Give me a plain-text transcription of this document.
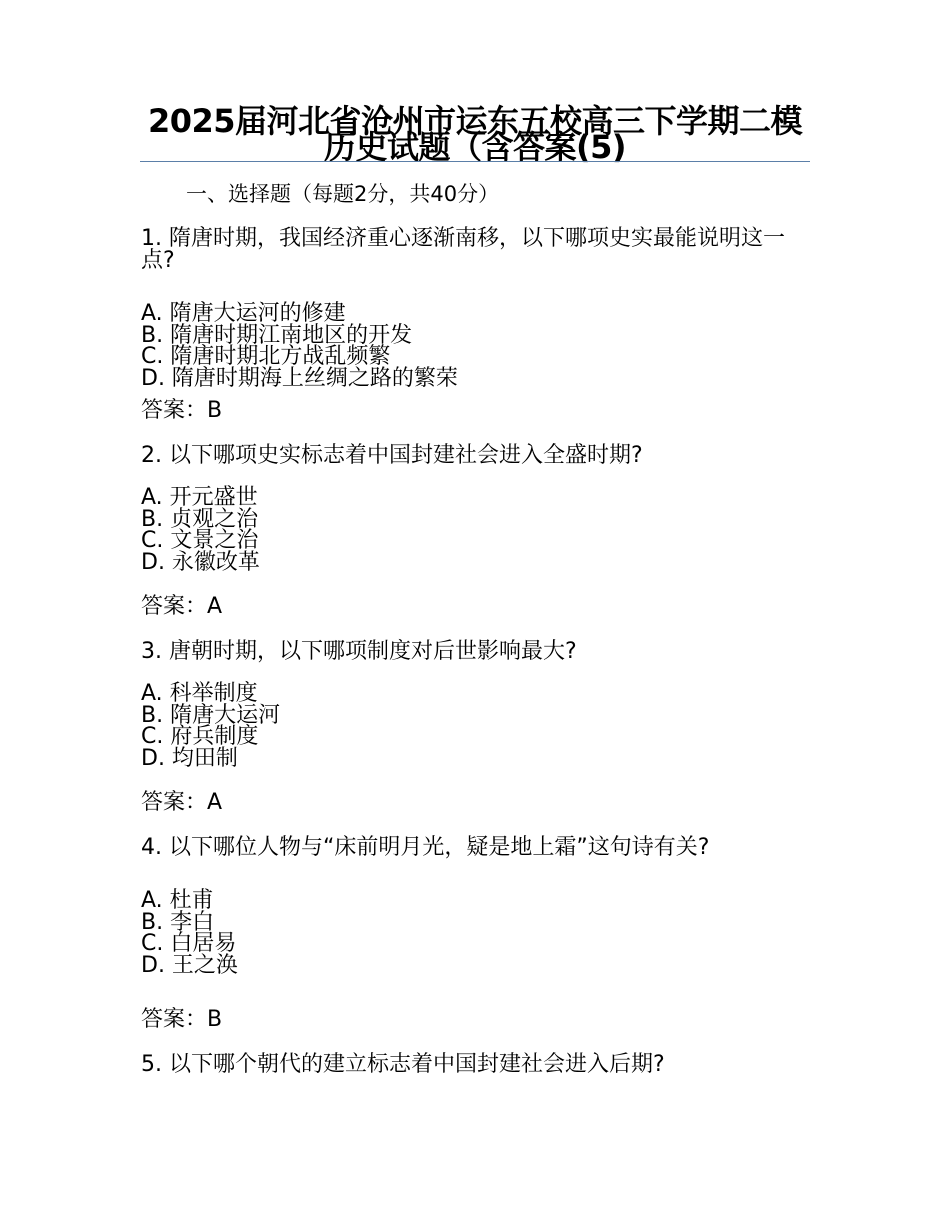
2025届河北省沧州市运东五校高三下学期二模历史试题（含答案(5)
一、选择题（每题2分，共40分）

1. 隋唐时期，我国经济重心逐渐南移，以下哪项史实最能说明这一点?

A. 隋唐大运河的修建

B. 隋唐时期江南地区的开发

C. 隋唐时期北方战乱频繁

D. 隋唐时期海上丝绸之路的繁荣

答案：B

2. 以下哪项史实标志着中国封建社会进入全盛时期?

A. 开元盛世

B. 贞观之治

C. 文景之治

D. 永徽改革

答案：A

3. 唐朝时期，以下哪项制度对后世影响最大?

A. 科举制度

B. 隋唐大运河

C. 府兵制度

D. 均田制

答案：A

4. 以下哪位人物与“床前明月光，疑是地上霜”这句诗有关?

A. 杜甫

B. 李白

C. 白居易

D. 王之涣

答案：B

5. 以下哪个朝代的建立标志着中国封建社会进入后期?
